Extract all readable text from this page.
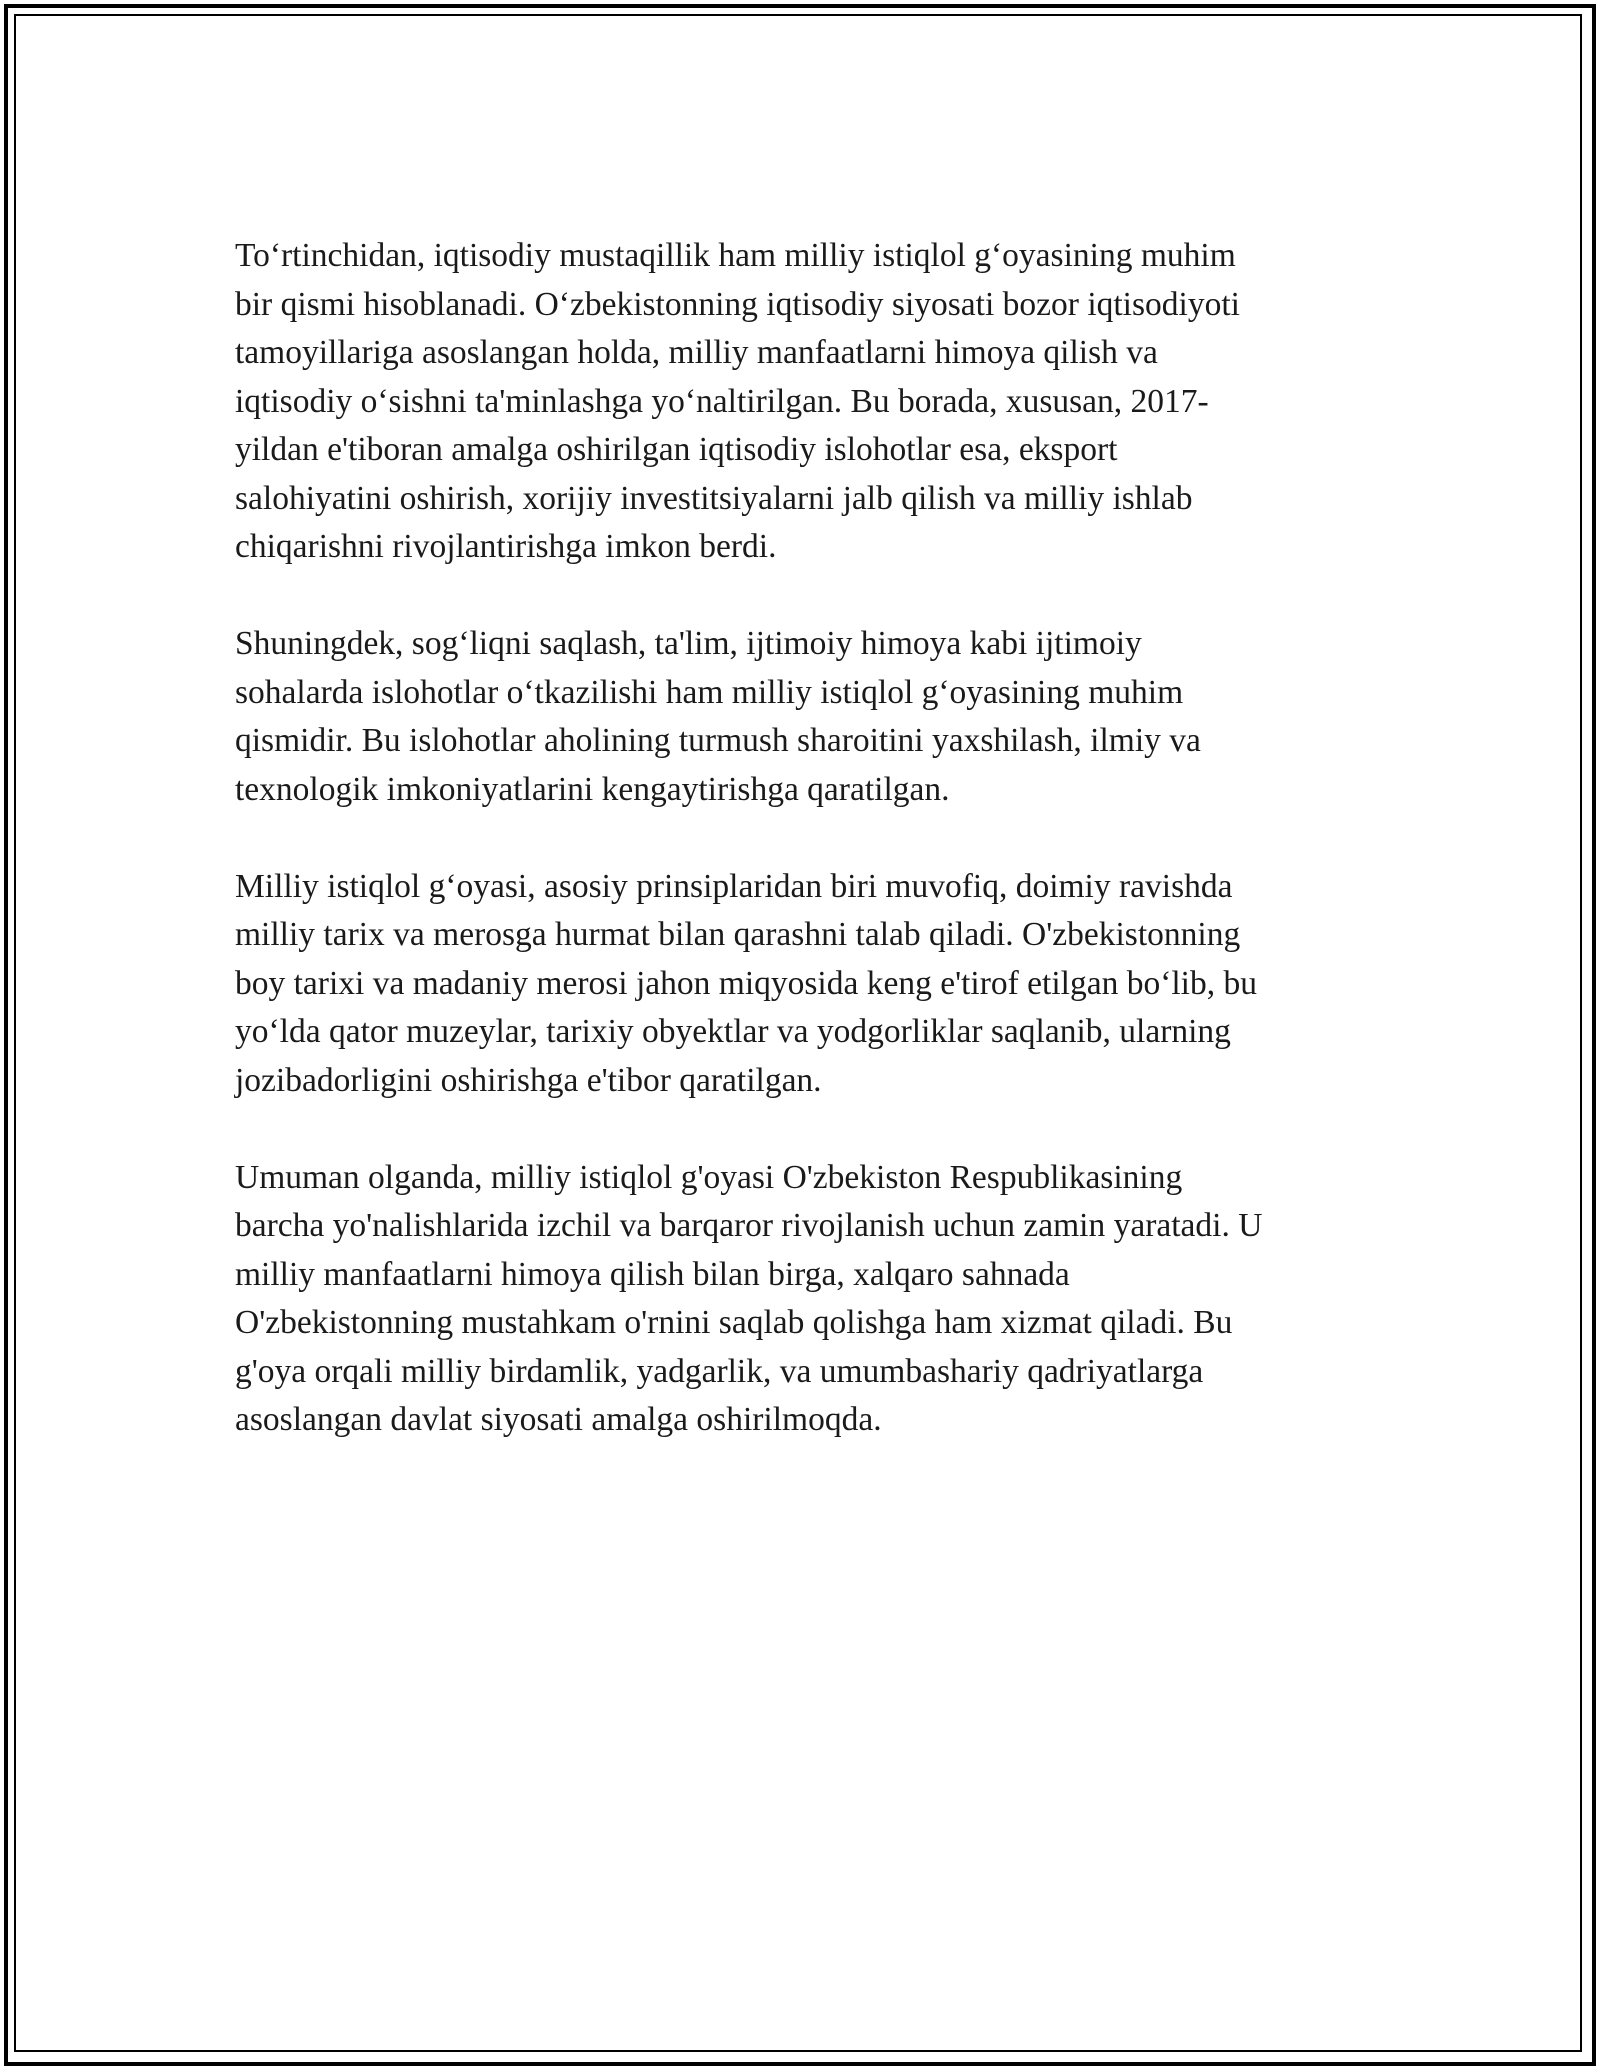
To‘rtinchidan, iqtisodiy mustaqillik ham milliy istiqlol g‘oyasining muhim
bir qismi hisoblanadi. O‘zbekistonning iqtisodiy siyosati bozor iqtisodiyoti
tamoyillariga asoslangan holda, milliy manfaatlarni himoya qilish va
iqtisodiy o‘sishni ta'minlashga yo‘naltirilgan. Bu borada, xususan, 2017-
yildan e'tiboran amalga oshirilgan iqtisodiy islohotlar esa, eksport
salohiyatini oshirish, xorijiy investitsiyalarni jalb qilish va milliy ishlab
chiqarishni rivojlantirishga imkon berdi.

Shuningdek, sog‘liqni saqlash, ta'lim, ijtimoiy himoya kabi ijtimoiy
sohalarda islohotlar o‘tkazilishi ham milliy istiqlol g‘oyasining muhim
qismidir. Bu islohotlar aholining turmush sharoitini yaxshilash, ilmiy va
texnologik imkoniyatlarini kengaytirishga qaratilgan.

Milliy istiqlol g‘oyasi, asosiy prinsiplaridan biri muvofiq, doimiy ravishda
milliy tarix va merosga hurmat bilan qarashni talab qiladi. O'zbekistonning
boy tarixi va madaniy merosi jahon miqyosida keng e'tirof etilgan bo‘lib, bu
yo‘lda qator muzeylar, tarixiy obyektlar va yodgorliklar saqlanib, ularning
jozibadorligini oshirishga e'tibor qaratilgan.

Umuman olganda, milliy istiqlol g'oyasi O'zbekiston Respublikasining
barcha yo'nalishlarida izchil va barqaror rivojlanish uchun zamin yaratadi. U
milliy manfaatlarni himoya qilish bilan birga, xalqaro sahnada
O'zbekistonning mustahkam o'rnini saqlab qolishga ham xizmat qiladi. Bu
g'oya orqali milliy birdamlik, yadgarlik, va umumbashariy qadriyatlarga
asoslangan davlat siyosati amalga oshirilmoqda.
